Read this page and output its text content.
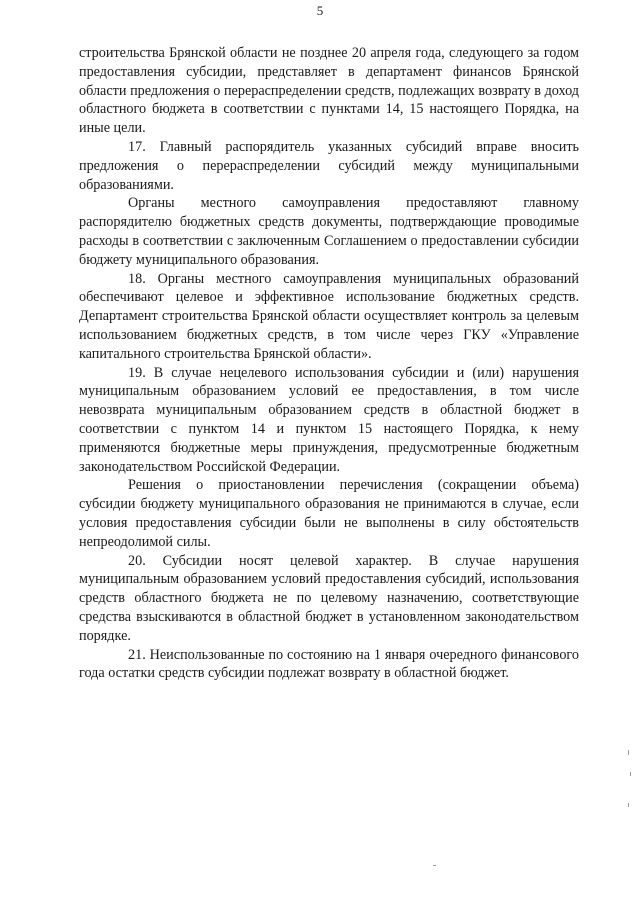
5

строительства Брянской области не позднее 20 апреля года, следующего за годом предоставления субсидии, представляет в департамент финансов Брянской области предложения о перераспределении средств, подлежащих возврату в доход областного бюджета в соответствии с пунктами 14, 15 настоящего Порядка, на иные цели.

17. Главный распорядитель указанных субсидий вправе вносить предложения о перераспределении субсидий между муниципальными образованиями.

Органы местного самоуправления предоставляют главному распорядителю бюджетных средств документы, подтверждающие проводимые расходы в соответствии с заключенным Соглашением о предоставлении субсидии бюджету муниципального образования.

18. Органы местного самоуправления муниципальных образований обеспечивают целевое и эффективное использование бюджетных средств. Департамент строительства Брянской области осуществляет контроль за целевым использованием бюджетных средств, в том числе через ГКУ «Управление капитального строительства Брянской области».

19. В случае нецелевого использования субсидии и (или) нарушения муниципальным образованием условий ее предоставления, в том числе невозврата муниципальным образованием средств в областной бюджет в соответствии с пунктом 14 и пунктом 15 настоящего Порядка, к нему применяются бюджетные меры принуждения, предусмотренные бюджетным законодательством Российской Федерации.

Решения о приостановлении перечисления (сокращении объема) субсидии бюджету муниципального образования не принимаются в случае, если условия предоставления субсидии были не выполнены в силу обстоятельств непреодолимой силы.

20. Субсидии носят целевой характер. В случае нарушения муниципальным образованием условий предоставления субсидий, использования средств областного бюджета не по целевому назначению, соответствующие средства взыскиваются в областной бюджет в установленном законодательством порядке.

21. Неиспользованные по состоянию на 1 января очередного финансового года остатки средств субсидии подлежат возврату в областной бюджет.
